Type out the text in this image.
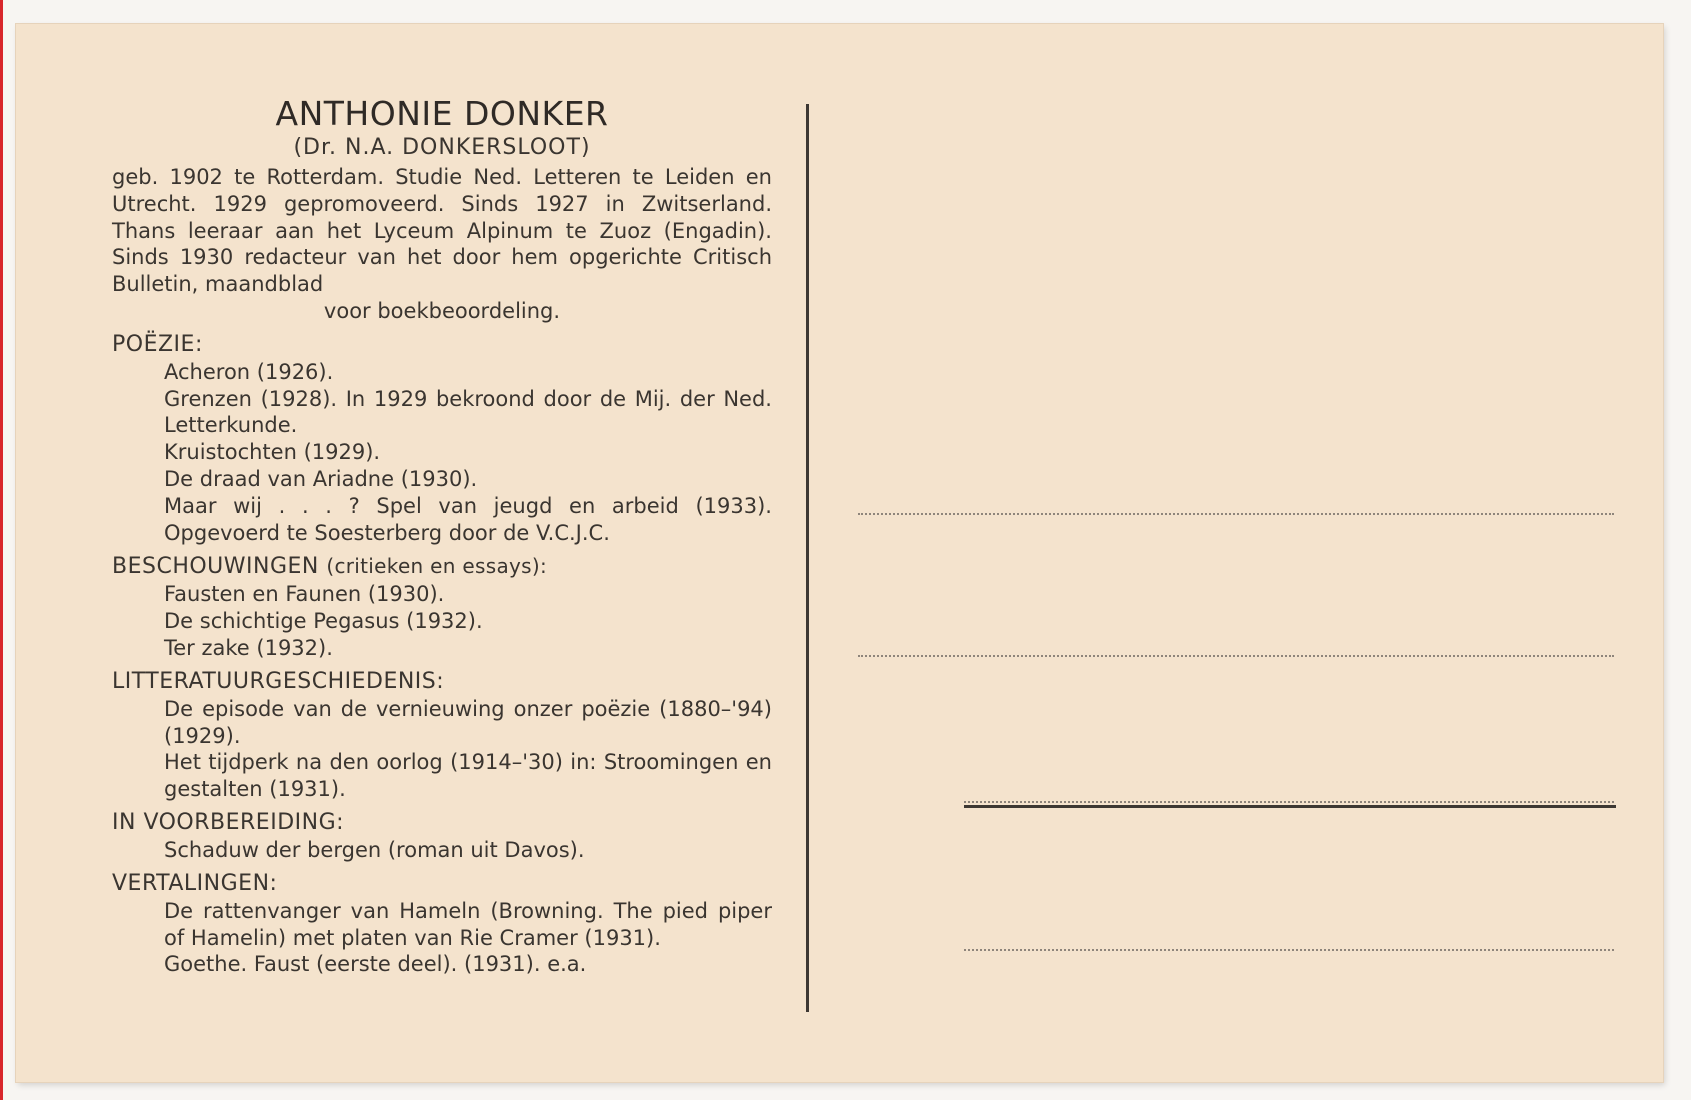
ANTHONIE DONKER
(Dr. N.A. DONKERSLOOT)

geb. 1902 te Rotterdam. Studie Ned. Letteren te Leiden en Utrecht. 1929 gepromoveerd. Sinds 1927 in Zwitserland. Thans leeraar aan het Lyceum Alpinum te Zuoz (Engadin). Sinds 1930 redacteur van het door hem opgerichte Critisch Bulletin, maandblad

voor boekbeoordeling.

POËZIE:

Acheron (1926).

Grenzen (1928). In 1929 bekroond door de Mij. der Ned. Letterkunde.

Kruistochten (1929).

De draad van Ariadne (1930).

Maar wij . . . ? Spel van jeugd en arbeid (1933). Opgevoerd te Soesterberg door de V.C.J.C.

BESCHOUWINGEN (critieken en essays):

Fausten en Faunen (1930).

De schichtige Pegasus (1932).

Ter zake (1932).

LITTERATUURGESCHIEDENIS:

De episode van de vernieuwing onzer poëzie (1880–'94) (1929).

Het tijdperk na den oorlog (1914–'30) in: Stroomingen en gestalten (1931).

IN VOORBEREIDING:

Schaduw der bergen (roman uit Davos).

VERTALINGEN:

De rattenvanger van Hameln (Browning. The pied piper of Hamelin) met platen van Rie Cramer (1931).

Goethe. Faust (eerste deel). (1931). e.a.
